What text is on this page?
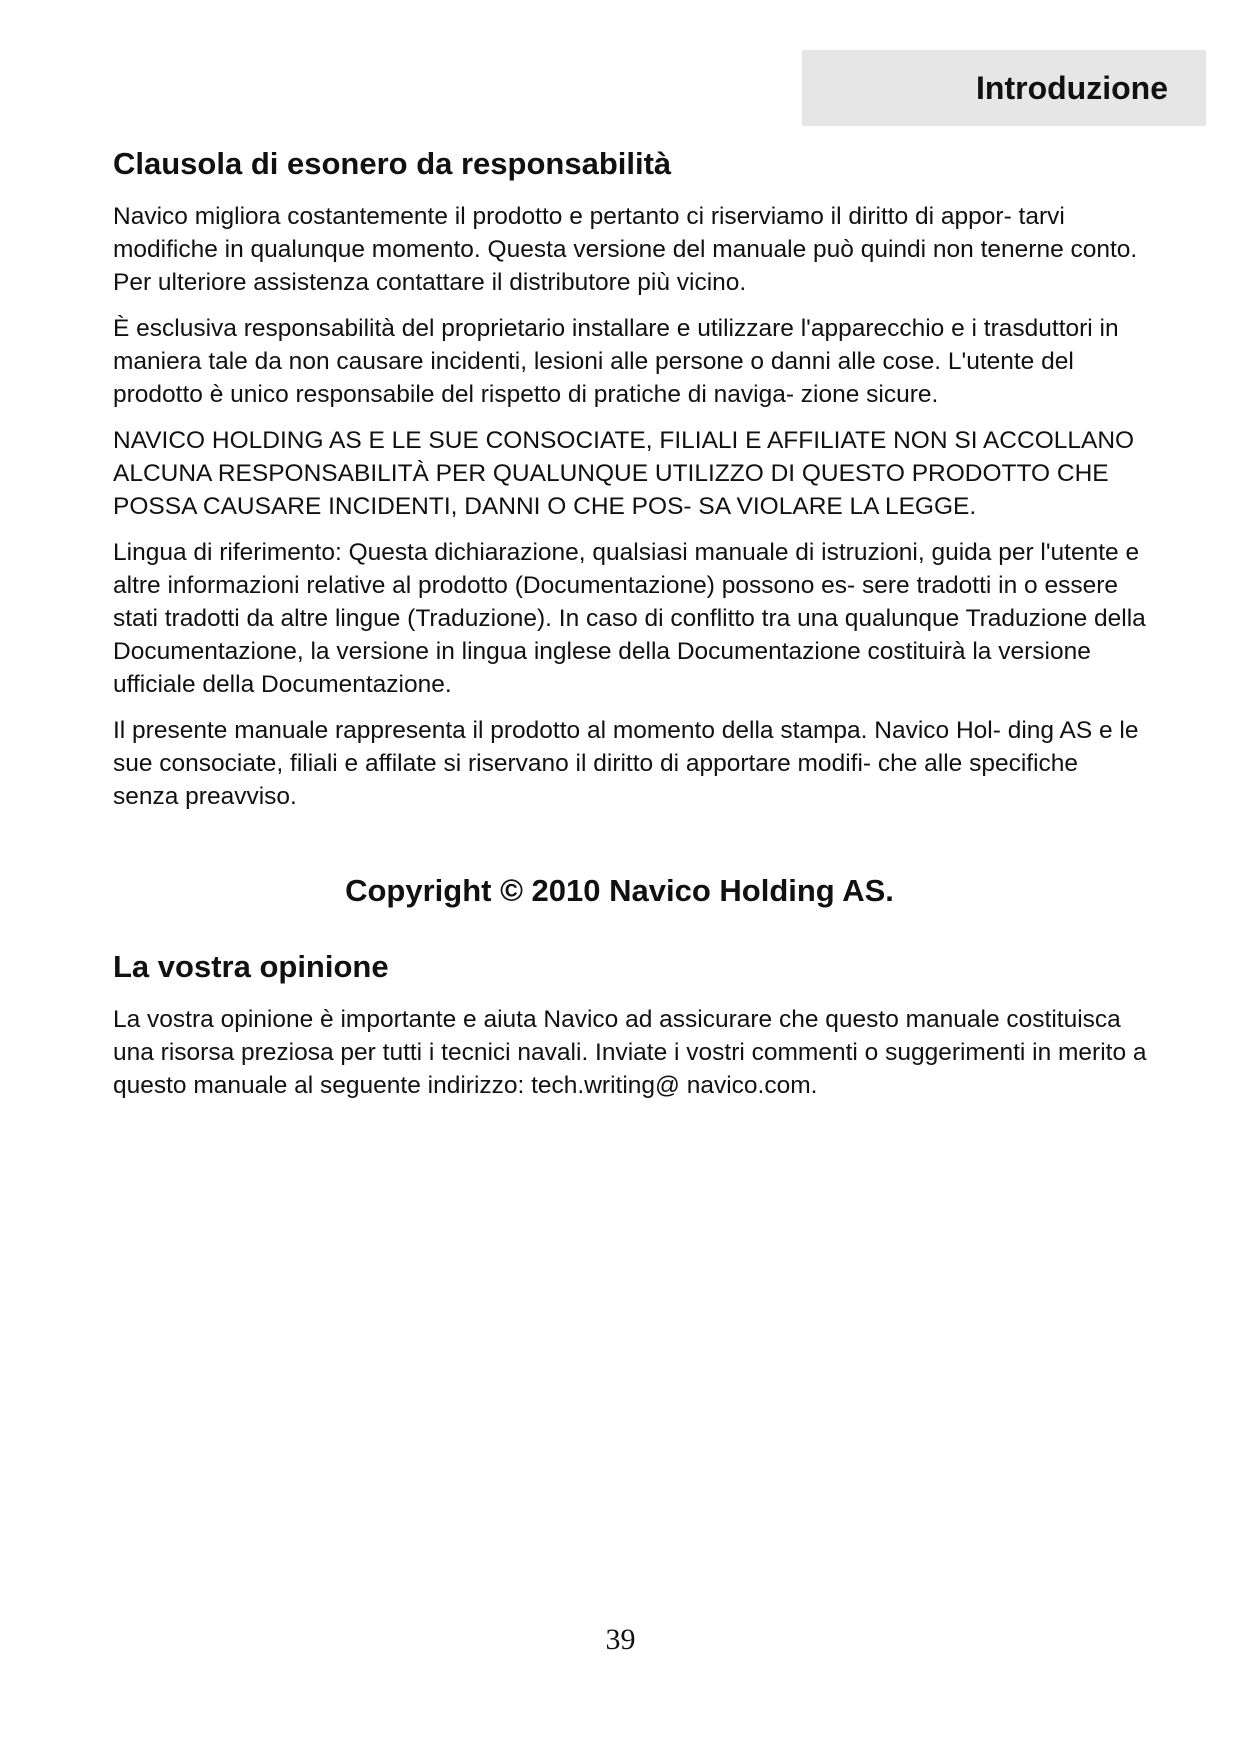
Introduzione
Clausola di esonero da responsabilità

Navico migliora costantemente il prodotto e pertanto ci riserviamo il diritto di appor- tarvi modifiche in qualunque momento. Questa versione del manuale può quindi non tenerne conto. Per ulteriore assistenza contattare il distributore più vicino.

È esclusiva responsabilità del proprietario installare e utilizzare l'apparecchio e i trasduttori in maniera tale da non causare incidenti, lesioni alle persone o danni alle cose. L'utente del prodotto è unico responsabile del rispetto di pratiche di naviga- zione sicure.

NAVICO HOLDING AS E LE SUE CONSOCIATE, FILIALI E AFFILIATE NON SI ACCOLLANO ALCUNA RESPONSABILITÀ PER QUALUNQUE UTILIZZO DI QUESTO PRODOTTO CHE POSSA CAUSARE INCIDENTI, DANNI O CHE POS- SA VIOLARE LA LEGGE.

Lingua di riferimento: Questa dichiarazione, qualsiasi manuale di istruzioni, guida per l'utente e altre informazioni relative al prodotto (Documentazione) possono es- sere tradotti in o essere stati tradotti da altre lingue (Traduzione). In caso di conflitto tra una qualunque Traduzione della Documentazione, la versione in lingua inglese della Documentazione costituirà la versione ufficiale della Documentazione.

Il presente manuale rappresenta il prodotto al momento della stampa. Navico Hol- ding AS e le sue consociate, filiali e affilate si riservano il diritto di apportare modifi- che alle specifiche senza preavviso.

Copyright © 2010 Navico Holding AS.
La vostra opinione

La vostra opinione è importante e aiuta Navico ad assicurare che questo manuale costituisca una risorsa preziosa per tutti i tecnici navali. Inviate i vostri commenti o suggerimenti in merito a questo manuale al seguente indirizzo: tech.writing@ navico.com.

39
